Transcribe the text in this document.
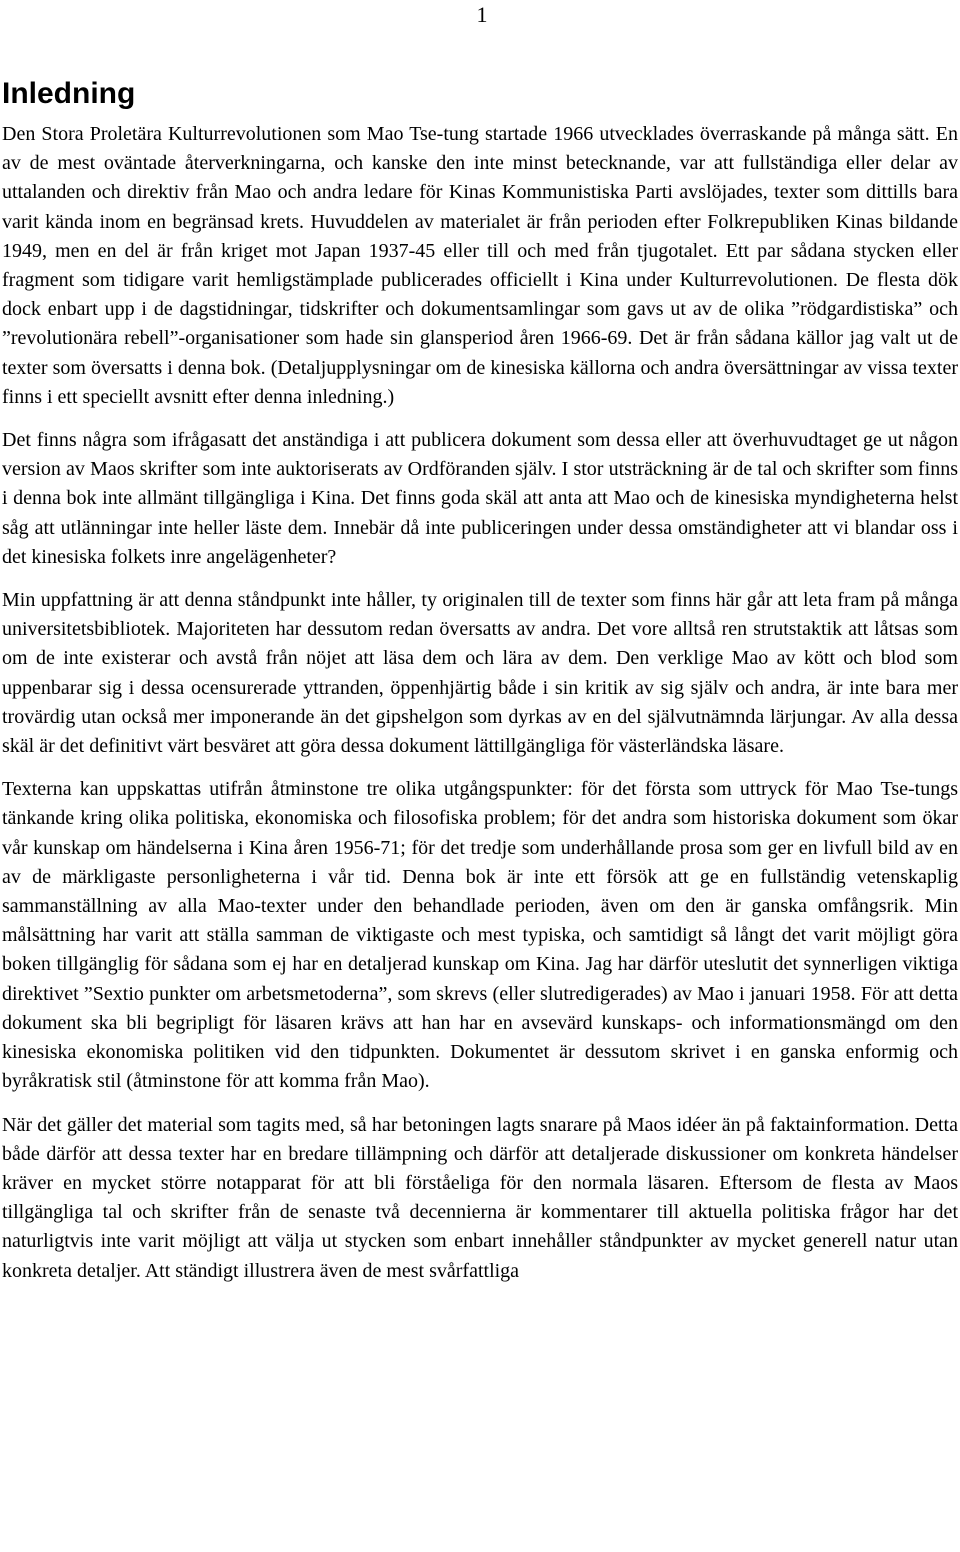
1
Inledning

Den Stora Proletära Kulturrevolutionen som Mao Tse-tung startade 1966 utvecklades överraskande på många sätt. En av de mest oväntade återverkningarna, och kanske den inte minst betecknande, var att fullständiga eller delar av uttalanden och direktiv från Mao och andra ledare för Kinas Kommunistiska Parti avslöjades, texter som dittills bara varit kända inom en begränsad krets. Huvuddelen av materialet är från perioden efter Folkrepubliken Kinas bildande 1949, men en del är från kriget mot Japan 1937-45 eller till och med från tjugotalet. Ett par sådana stycken eller fragment som tidigare varit hemligstämplade publicerades officiellt i Kina under Kulturrevolutionen. De flesta dök dock enbart upp i de dagstidningar, tidskrifter och dokumentsamlingar som gavs ut av de olika ”rödgardistiska” och ”revolutionära rebell”-organisationer som hade sin glansperiod åren 1966-69. Det är från sådana källor jag valt ut de texter som översatts i denna bok. (Detaljupplysningar om de kinesiska källorna och andra översättningar av vissa texter finns i ett speciellt avsnitt efter denna inledning.)

Det finns några som ifrågasatt det anständiga i att publicera dokument som dessa eller att överhuvudtaget ge ut någon version av Maos skrifter som inte auktoriserats av Ordföranden själv. I stor utsträckning är de tal och skrifter som finns i denna bok inte allmänt tillgängliga i Kina. Det finns goda skäl att anta att Mao och de kinesiska myndigheterna helst såg att utlänningar inte heller läste dem. Innebär då inte publiceringen under dessa omständigheter att vi blandar oss i det kinesiska folkets inre angelägenheter?

Min uppfattning är att denna ståndpunkt inte håller, ty originalen till de texter som finns här går att leta fram på många universitetsbibliotek. Majoriteten har dessutom redan översatts av andra. Det vore alltså ren strutstaktik att låtsas som om de inte existerar och avstå från nöjet att läsa dem och lära av dem. Den verklige Mao av kött och blod som uppenbarar sig i dessa ocensurerade yttranden, öppenhjärtig både i sin kritik av sig själv och andra, är inte bara mer trovärdig utan också mer imponerande än det gipshelgon som dyrkas av en del självutnämnda lärjungar. Av alla dessa skäl är det definitivt värt besväret att göra dessa dokument lättillgängliga för västerländska läsare.

Texterna kan uppskattas utifrån åtminstone tre olika utgångspunkter: för det första som uttryck för Mao Tse-tungs tänkande kring olika politiska, ekonomiska och filosofiska problem; för det andra som historiska dokument som ökar vår kunskap om händelserna i Kina åren 1956-71; för det tredje som underhållande prosa som ger en livfull bild av en av de märkligaste personligheterna i vår tid. Denna bok är inte ett försök att ge en fullständig vetenskaplig sammanställning av alla Mao-texter under den behandlade perioden, även om den är ganska omfångsrik. Min målsättning har varit att ställa samman de viktigaste och mest typiska, och samtidigt så långt det varit möjligt göra boken tillgänglig för sådana som ej har en detaljerad kunskap om Kina. Jag har därför uteslutit det synnerligen viktiga direktivet ”Sextio punkter om arbetsmetoderna”, som skrevs (eller slutredigerades) av Mao i januari 1958. För att detta dokument ska bli begripligt för läsaren krävs att han har en avsevärd kunskaps- och informationsmängd om den kinesiska ekonomiska politiken vid den tidpunkten. Dokumentet är dessutom skrivet i en ganska enformig och byråkratisk stil (åtminstone för att komma från Mao).

När det gäller det material som tagits med, så har betoningen lagts snarare på Maos idéer än på faktainformation. Detta både därför att dessa texter har en bredare tillämpning och därför att detaljerade diskussioner om konkreta händelser kräver en mycket större notapparat för att bli förståeliga för den normala läsaren. Eftersom de flesta av Maos tillgängliga tal och skrifter från de senaste två decennierna är kommentarer till aktuella politiska frågor har det naturligtvis inte varit möjligt att välja ut stycken som enbart innehåller ståndpunkter av mycket generell natur utan konkreta detaljer. Att ständigt illustrera även de mest svårfattliga
